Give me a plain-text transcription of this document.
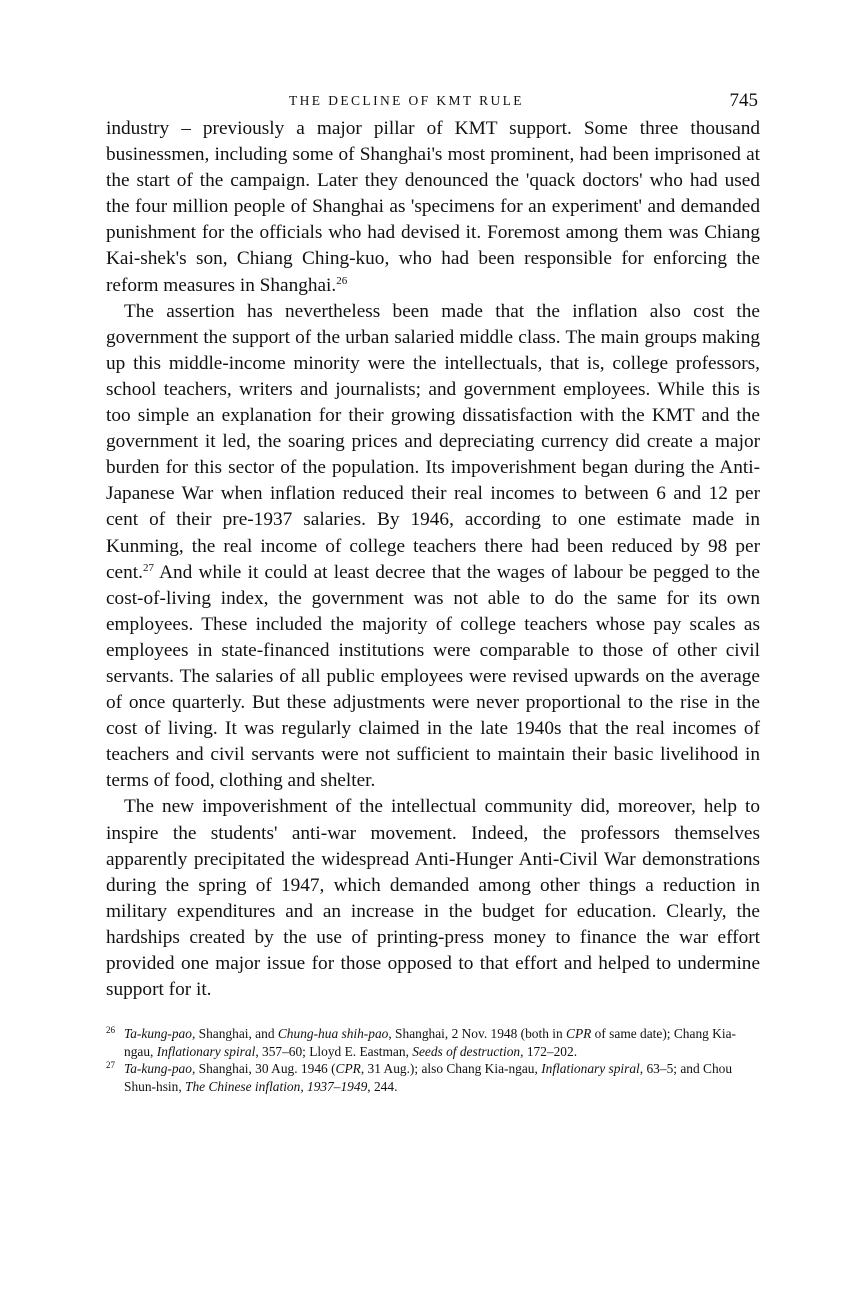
THE DECLINE OF KMT RULE	745

industry – previously a major pillar of KMT support. Some three thousand businessmen, including some of Shanghai's most prominent, had been imprisoned at the start of the campaign. Later they denounced the 'quack doctors' who had used the four million people of Shanghai as 'specimens for an experiment' and demanded punishment for the officials who had devised it. Foremost among them was Chiang Kai-shek's son, Chiang Ching-kuo, who had been responsible for enforcing the reform measures in Shanghai.$^{26}$

The assertion has nevertheless been made that the inflation also cost the government the support of the urban salaried middle class. The main groups making up this middle-income minority were the intellectuals, that is, college professors, school teachers, writers and journalists; and government employees. While this is too simple an explanation for their growing dissatisfaction with the KMT and the government it led, the soaring prices and depreciating currency did create a major burden for this sector of the population. Its impoverishment began during the Anti-Japanese War when inflation reduced their real incomes to between 6 and 12 per cent of their pre-1937 salaries. By 1946, according to one estimate made in Kunming, the real income of college teachers there had been reduced by 98 per cent.$^{27}$ And while it could at least decree that the wages of labour be pegged to the cost-of-living index, the government was not able to do the same for its own employees. These included the majority of college teachers whose pay scales as employees in state-financed institutions were comparable to those of other civil servants. The salaries of all public employees were revised upwards on the average of once quarterly. But these adjustments were never proportional to the rise in the cost of living. It was regularly claimed in the late 1940s that the real incomes of teachers and civil servants were not sufficient to maintain their basic livelihood in terms of food, clothing and shelter.

The new impoverishment of the intellectual community did, moreover, help to inspire the students' anti-war movement. Indeed, the professors themselves apparently precipitated the widespread Anti-Hunger Anti-Civil War demonstrations during the spring of 1947, which demanded among other things a reduction in military expenditures and an increase in the budget for education. Clearly, the hardships created by the use of printing-press money to finance the war effort provided one major issue for those opposed to that effort and helped to undermine support for it.

26 Ta-kung-pao, Shanghai, and Chung-hua shih-pao, Shanghai, 2 Nov. 1948 (both in CPR of same date); Chang Kia-ngau, Inflationary spiral, 357–60; Lloyd E. Eastman, Seeds of destruction, 172–202.
27 Ta-kung-pao, Shanghai, 30 Aug. 1946 (CPR, 31 Aug.); also Chang Kia-ngau, Inflationary spiral, 63–5; and Chou Shun-hsin, The Chinese inflation, 1937–1949, 244.
